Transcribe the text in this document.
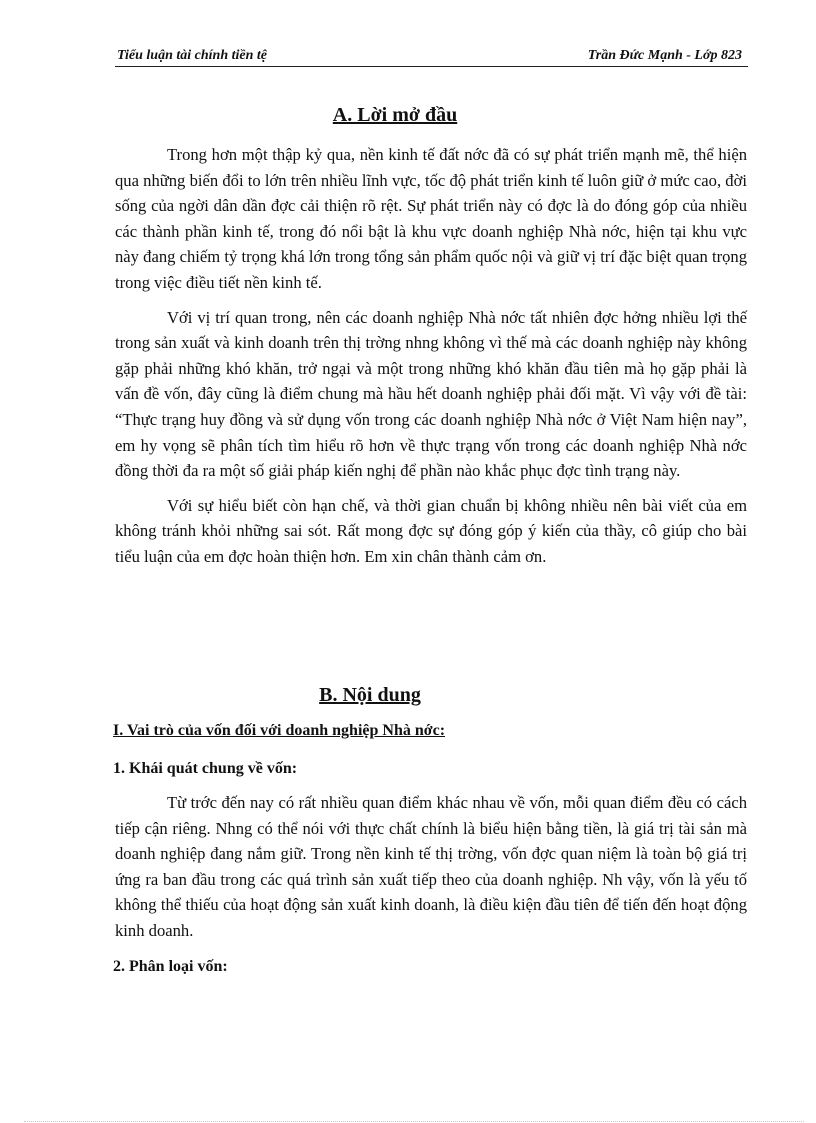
Tiểu luận tài chính tiền tệ	Trần Đức Mạnh - Lớp 823
A. Lời mở đầu

Trong hơn một thập kỷ qua, nền kinh tế đất nớc đã có sự phát triển mạnh mẽ, thể hiện qua những biến đổi to lớn trên nhiều lĩnh vực, tốc độ phát triển kinh tế luôn giữ ở mức cao, đời sống của ngời dân dần đợc cải thiện rõ rệt. Sự phát triển này có đợc là do đóng góp của nhiều các thành phần kinh tế, trong đó nổi bật là khu vực doanh nghiệp Nhà nớc, hiện tại khu vực này đang chiếm tỷ trọng khá lớn trong tổng sản phẩm quốc nội và giữ vị trí đặc biệt quan trọng trong việc điều tiết nền kinh tế.

Với vị trí quan trong, nên các doanh nghiệp Nhà nớc tất nhiên đợc hởng nhiều lợi thế trong sản xuất và kinh doanh trên thị trờng nhng không vì thế mà các doanh nghiệp này không gặp phải những khó khăn, trở ngại và một trong những khó khăn đầu tiên mà họ gặp phải là vấn đề vốn, đây cũng là điểm chung mà hầu hết doanh nghiệp phải đối mặt. Vì vậy với đề tài: “Thực trạng huy đồng và sử dụng vốn trong các doanh nghiệp Nhà nớc ở Việt Nam hiện nay”, em hy vọng sẽ phân tích tìm hiểu rõ hơn về thực trạng vốn trong các doanh nghiệp Nhà nớc đồng thời đa ra một số giải pháp kiến nghị để phần nào khắc phục đợc tình trạng này.

Với sự hiểu biết còn hạn chế, và thời gian chuẩn bị không nhiều nên bài viết của em không tránh khỏi những sai sót. Rất mong đợc sự đóng góp ý kiến của thầy, cô giúp cho bài tiểu luận của em đợc hoàn thiện hơn. Em xin chân thành cảm ơn.

B. Nội dung
I. Vai trò của vốn đối với doanh nghiệp Nhà nớc:
1. Khái quát chung về vốn:

Từ trớc đến nay có rất nhiều quan điểm khác nhau về vốn, mỗi quan điểm đều có cách tiếp cận riêng. Nhng có thể nói với thực chất chính là biểu hiện bằng tiền, là giá trị tài sản mà doanh nghiệp đang nắm giữ. Trong nền kinh tế thị trờng, vốn đợc quan niệm là toàn bộ giá trị ứng ra ban đầu trong các quá trình sản xuất tiếp theo của doanh nghiệp. Nh vậy, vốn là yếu tố không thể thiếu của hoạt động sản xuất kinh doanh, là điều kiện đầu tiên để tiến đến hoạt động kinh doanh.

2. Phân loại vốn:
